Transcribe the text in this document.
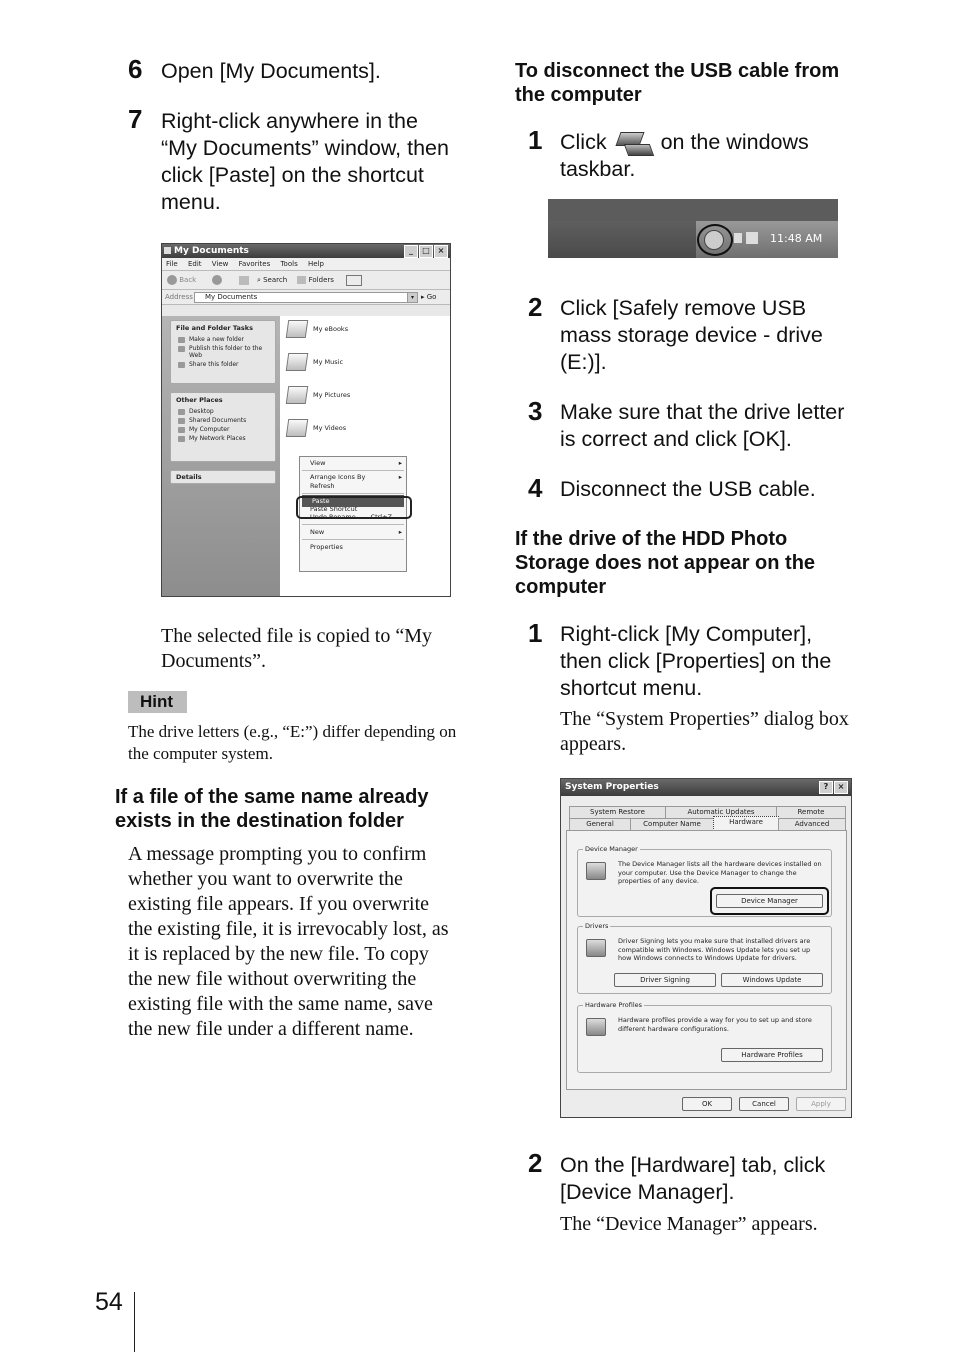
6 Open [My Documents].
7 Right-click anywhere in the “My Documents” window, then click [Paste] on the shortcut menu.
My Documents	_	□ ×
File Edit View Favorites Tools Help
Back	⌕ Search	Folders
Address	My Documents	▾	▸ Go
File and Folder Tasks
Make a new folder
Publish this folder to the Web
Share this folder
Other Places
Desktop
Shared Documents
My Computer
My Network Places
Details
My eBooks
My Music
My Pictures
My Videos
View	▸
Arrange Icons By	▸
Refresh
Paste
Paste Shortcut
Undo Rename Ctrl+Z
New	▸
Properties
The selected file is copied to “My Documents”.
Hint
The drive letters (e.g., “E:”) differ depending on the computer system.
If a file of the same name already exists in the destination folder
A message prompting you to confirm whether you want to overwrite the existing file appears. If you overwrite the existing file, it is irrevocably lost, as it is replaced by the new file. To copy the new file without overwriting the existing file with the same name, save the new file under a different name.
54
To disconnect the USB cable from the computer
1 Click	on the windows taskbar.
11:48 AM
2 Click [Safely remove USB mass storage device - drive (E:)].
3 Make sure that the drive letter is correct and click [OK].
4 Disconnect the USB cable.
If the drive of the HDD Photo Storage does not appear on the computer
1 Right-click [My Computer], then click [Properties] on the shortcut menu.
The “System Properties” dialog box appears.
System Properties	?	×
System Restore	Automatic Updates	Remote
General	Computer Name	Hardware	Advanced
Device Manager
The Device Manager lists all the hardware devices installed on your computer. Use the Device Manager to change the properties of any device.
Device Manager
Drivers
Driver Signing lets you make sure that installed drivers are compatible with Windows. Windows Update lets you set up how Windows connects to Windows Update for drivers.
Driver Signing	Windows Update
Hardware Profiles
Hardware profiles provide a way for you to set up and store different hardware configurations.
Hardware Profiles
OK	Cancel	Apply
2 On the [Hardware] tab, click [Device Manager].
The “Device Manager” appears.
